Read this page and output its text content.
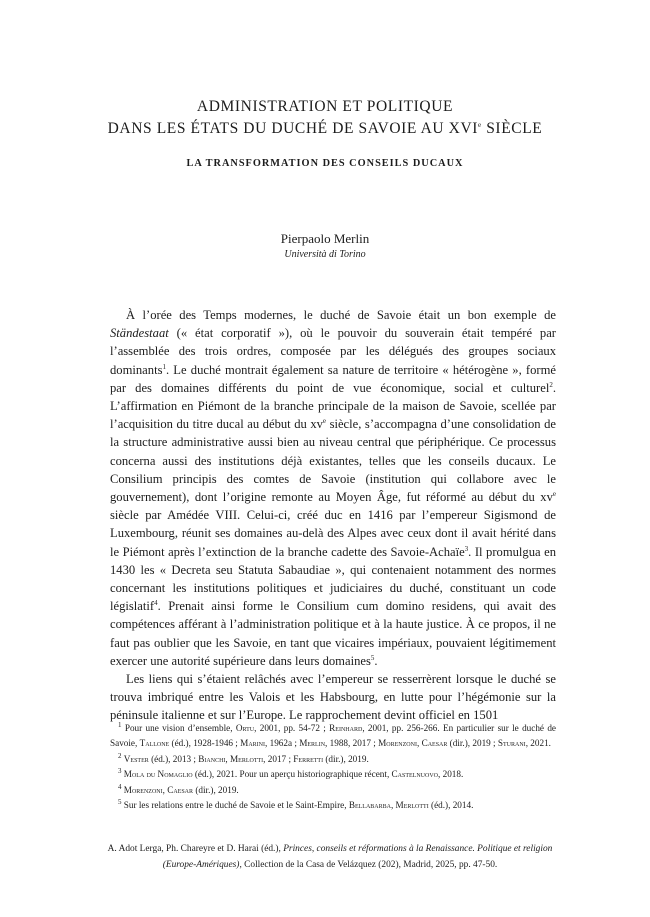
ADMINISTRATION ET POLITIQUE
DANS LES ÉTATS DU DUCHÉ DE SAVOIE AU XVIe SIÈCLE
LA TRANSFORMATION DES CONSEILS DUCAUX
Pierpaolo Merlin
Università di Torino

À l’orée des Temps modernes, le duché de Savoie était un bon exemple de Ständestaat (« état corporatif »), où le pouvoir du souverain était tempéré par l’assemblée des trois ordres, composée par les délégués des groupes sociaux dominants$^1$. Le duché montrait également sa nature de territoire « hétérogène », formé par des domaines différents du point de vue économique, social et culturel$^2$. L’affirmation en Piémont de la branche principale de la maison de Savoie, scellée par l’acquisition du titre ducal au début du $xv^e$ siècle, s’accompagna d’une consolidation de la structure administrative aussi bien au niveau central que périphérique. Ce processus concerna aussi des institutions déjà existantes, telles que les conseils ducaux. Le Consilium principis des comtes de Savoie (institution qui collabore avec le gouvernement), dont l’origine remonte au Moyen Âge, fut réformé au début du $xv^e$ siècle par Amédée VIII. Celui-ci, créé duc en 1416 par l’empereur Sigismond de Luxembourg, réunit ses domaines au-delà des Alpes avec ceux dont il avait hérité dans le Piémont après l’extinction de la branche cadette des Savoie-Achaïe$^3$. Il promulgua en 1430 les « Decreta seu Statuta Sabaudiae », qui contenaient notamment des normes concernant les institutions politiques et judiciaires du duché, constituant un code législatif$^4$. Prenait ainsi forme le Consilium cum domino residens, qui avait des compétences afférant à l’administration politique et à la haute justice. À ce propos, il ne faut pas oublier que les Savoie, en tant que vicaires impériaux, pouvaient légitimement exercer une autorité supérieure dans leurs domaines$^5$.

Les liens qui s’étaient relâchés avec l’empereur se resserrèrent lorsque le duché se trouva imbriqué entre les Valois et les Habsbourg, en lutte pour l’hégémonie sur la péninsule italienne et sur l’Europe. Le rapprochement devint officiel en 1501

$^1$ Pour une vision d’ensemble, Ortu, 2001, pp. 54-72 ; Reinhard, 2001, pp. 256-266. En particulier sur le duché de Savoie, Tallone (éd.), 1928-1946 ; Marini, 1962a ; Merlin, 1988, 2017 ; Morenzoni, Caesar (dir.), 2019 ; Sturani, 2021.

$^2$ Vester (éd.), 2013 ; Bianchi, Merlotti, 2017 ; Ferretti (dir.), 2019.

$^3$ Mola du Nomaglio (éd.), 2021. Pour un aperçu historiographique récent, Castelnuovo, 2018.

$^4$ Morenzoni, Caesar (dir.), 2019.

$^5$ Sur les relations entre le duché de Savoie et le Saint-Empire, Bellabarba, Merlotti (éd.), 2014.

A. Adot Lerga, Ph. Chareyre et D. Harai (éd.), Princes, conseils et réformations à la Renaissance. Politique et religion (Europe-Amériques), Collection de la Casa de Velázquez (202), Madrid, 2025, pp. 47-50.
